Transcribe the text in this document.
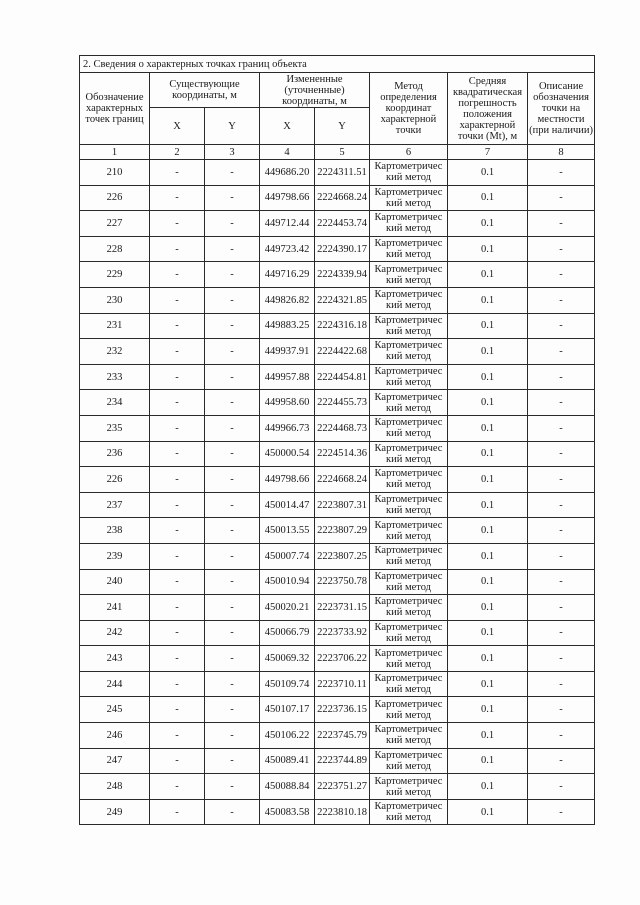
2. Сведения о характерных точках границ объекта							
Обозначение характерных точек границ	Существующие координаты, м		Измененные (уточненные) координаты, м		Метод определения координат характерной точки	Средняя квадратическая погрешность положения характерной точки (Mt), м	Описание обозначения точки на местности (при наличии)
	X	Y	X	Y			
1	2	3	4	5	6	7	8
210	-	-	449686.20	2224311.51	Картометричес кий метод	0.1	-
226	-	-	449798.66	2224668.24	Картометричес кий метод	0.1	-
227	-	-	449712.44	2224453.74	Картометричес кий метод	0.1	-
228	-	-	449723.42	2224390.17	Картометричес кий метод	0.1	-
229	-	-	449716.29	2224339.94	Картометричес кий метод	0.1	-
230	-	-	449826.82	2224321.85	Картометричес кий метод	0.1	-
231	-	-	449883.25	2224316.18	Картометричес кий метод	0.1	-
232	-	-	449937.91	2224422.68	Картометричес кий метод	0.1	-
233	-	-	449957.88	2224454.81	Картометричес кий метод	0.1	-
234	-	-	449958.60	2224455.73	Картометричес кий метод	0.1	-
235	-	-	449966.73	2224468.73	Картометричес кий метод	0.1	-
236	-	-	450000.54	2224514.36	Картометричес кий метод	0.1	-
226	-	-	449798.66	2224668.24	Картометричес кий метод	0.1	-
237	-	-	450014.47	2223807.31	Картометричес кий метод	0.1	-
238	-	-	450013.55	2223807.29	Картометричес кий метод	0.1	-
239	-	-	450007.74	2223807.25	Картометричес кий метод	0.1	-
240	-	-	450010.94	2223750.78	Картометричес кий метод	0.1	-
241	-	-	450020.21	2223731.15	Картометричес кий метод	0.1	-
242	-	-	450066.79	2223733.92	Картометричес кий метод	0.1	-
243	-	-	450069.32	2223706.22	Картометричес кий метод	0.1	-
244	-	-	450109.74	2223710.11	Картометричес кий метод	0.1	-
245	-	-	450107.17	2223736.15	Картометричес кий метод	0.1	-
246	-	-	450106.22	2223745.79	Картометричес кий метод	0.1	-
247	-	-	450089.41	2223744.89	Картометричес кий метод	0.1	-
248	-	-	450088.84	2223751.27	Картометричес кий метод	0.1	-
249	-	-	450083.58	2223810.18	Картометричес кий метод	0.1	-
